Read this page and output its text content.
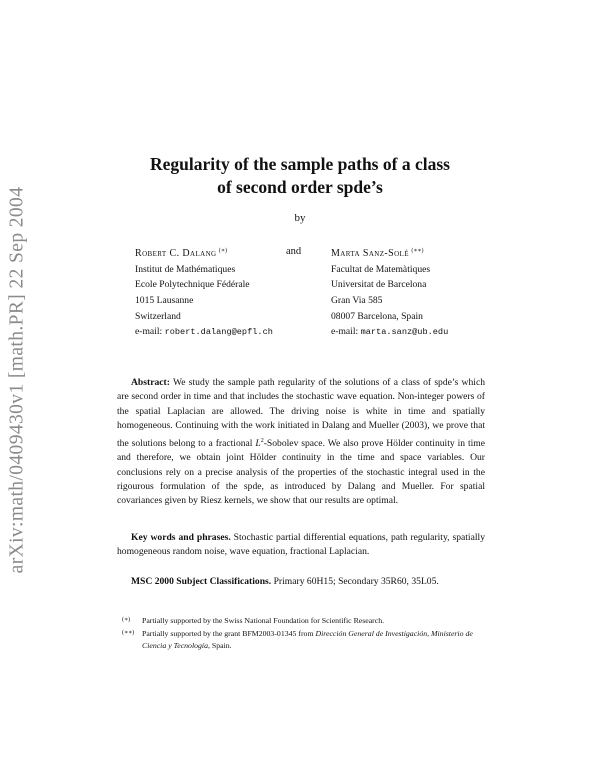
arXiv:math/0409430v1 [math.PR] 22 Sep 2004
Regularity of the sample paths of a class
of second order spde’s
by
Robert C. Dalang (∗)
Institut de Mathématiques
Ecole Polytechnique Fédérale
1015 Lausanne
Switzerland
e-mail: robert.dalang@epfl.ch
and	Marta Sanz-Solé (∗∗)
Facultat de Matemàtiques
Universitat de Barcelona
Gran Via 585
08007 Barcelona, Spain
e-mail: marta.sanz@ub.edu
Abstract: We study the sample path regularity of the solutions of a class of spde’s which are second order in time and that includes the stochastic wave equation. Non-integer powers of the spatial Laplacian are allowed. The driving noise is white in time and spatially homogeneous. Continuing with the work initiated in Dalang and Mueller (2003), we prove that the solutions belong to a fractional $L^2$-Sobolev space. We also prove Hölder continuity in time and therefore, we obtain joint Hölder continuity in the time and space variables. Our conclusions rely on a precise analysis of the properties of the stochastic integral used in the rigourous formulation of the spde, as introduced by Dalang and Mueller. For spatial covariances given by Riesz kernels, we show that our results are optimal.
Key words and phrases. Stochastic partial differential equations, path regularity, spatially homogeneous random noise, wave equation, fractional Laplacian.
MSC 2000 Subject Classifications. Primary 60H15; Secondary 35R60, 35L05.
(∗)	Partially supported by the Swiss National Foundation for Scientific Research.
(∗∗)	Partially supported by the grant BFM2003-01345 from Dirección General de Investigación, Ministerio de Ciencia y Tecnología, Spain.
